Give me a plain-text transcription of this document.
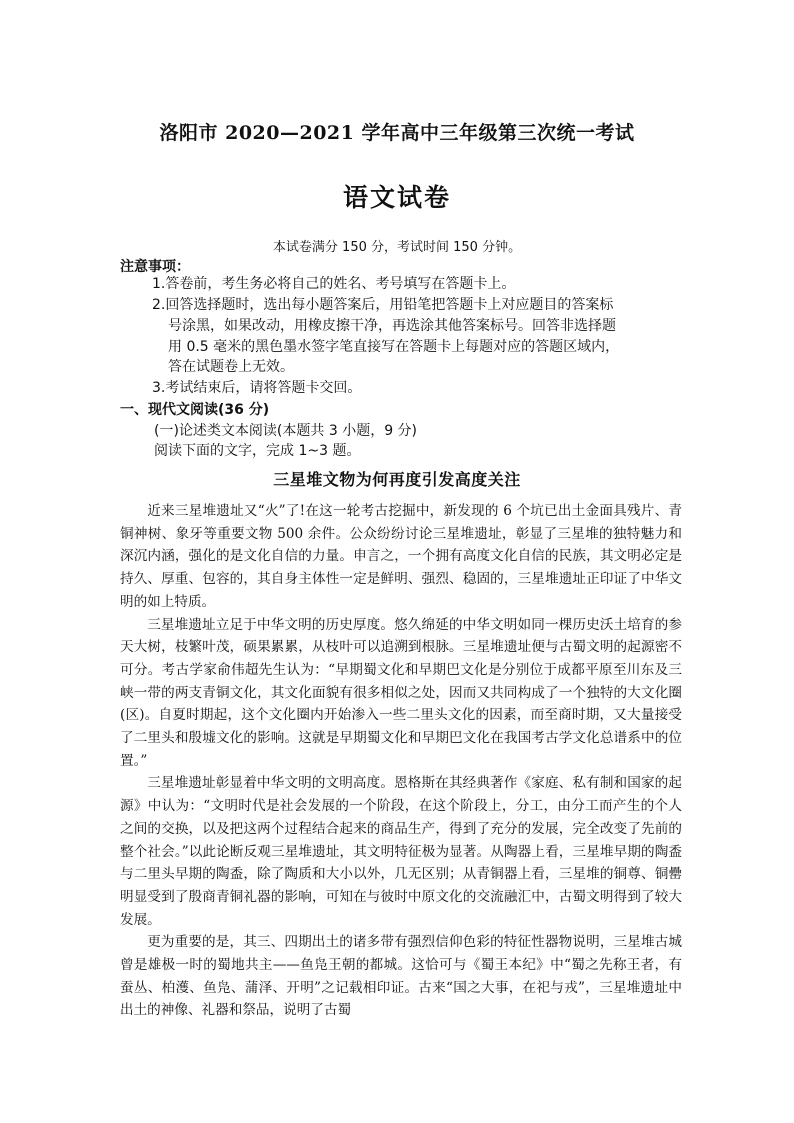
洛阳市 2020—2021 学年高中三年级第三次统一考试
语文试卷
本试卷满分 150 分，考试时间 150 分钟。
注意事项：
1.答卷前，考生务必将自己的姓名、考号填写在答题卡上。
2.回答选择题时，选出每小题答案后，用铅笔把答题卡上对应题目的答案标
号涂黑，如果改动，用橡皮擦干净，再选涂其他答案标号。回答非选择题
用 0.5 毫米的黑色墨水签字笔直接写在答题卡上每题对应的答题区域内，
答在试题卷上无效。
3.考试结束后，请将答题卡交回。
一、现代文阅读(36 分)
(一)论述类文本阅读(本题共 3 小题，9 分)
阅读下面的文字，完成 1~3 题。
三星堆文物为何再度引发高度关注

近来三星堆遗址又“火”了!在这一轮考古挖掘中，新发现的 6 个坑已出土金面具残片、青铜神树、象牙等重要文物 500 余件。公众纷纷讨论三星堆遗址，彰显了三星堆的独特魅力和深沉内涵，强化的是文化自信的力量。申言之，一个拥有高度文化自信的民族，其文明必定是持久、厚重、包容的，其自身主体性一定是鲜明、强烈、稳固的，三星堆遗址正印证了中华文明的如上特质。

三星堆遗址立足于中华文明的历史厚度。悠久绵延的中华文明如同一棵历史沃土培育的参天大树，枝繁叶茂，硕果累累，从枝叶可以追溯到根脉。三星堆遗址便与古蜀文明的起源密不可分。考古学家俞伟超先生认为：“早期蜀文化和早期巴文化是分别位于成都平原至川东及三峡一带的两支青铜文化，其文化面貌有很多相似之处，因而又共同构成了一个独特的大文化圈(区)。自夏时期起，这个文化圈内开始渗入一些二里头文化的因素，而至商时期，又大量接受了二里头和殷墟文化的影响。这就是早期蜀文化和早期巴文化在我国考古学文化总谱系中的位置。”

三星堆遗址彰显着中华文明的文明高度。恩格斯在其经典著作《家庭、私有制和国家的起源》中认为：“文明时代是社会发展的一个阶段，在这个阶段上，分工，由分工而产生的个人之间的交换，以及把这两个过程结合起来的商品生产，得到了充分的发展，完全改变了先前的整个社会。”以此论断反观三星堆遗址，其文明特征极为显著。从陶器上看，三星堆早期的陶盉与二里头早期的陶盉，除了陶质和大小以外，几无区别；从青铜器上看，三星堆的铜尊、铜罍明显受到了殷商青铜礼器的影响，可知在与彼时中原文化的交流融汇中，古蜀文明得到了较大发展。

更为重要的是，其三、四期出土的诸多带有强烈信仰色彩的特征性器物说明，三星堆古城曾是雄极一时的蜀地共主——鱼凫王朝的都城。这恰可与《蜀王本纪》中“蜀之先称王者，有蚕丛、柏濩、鱼凫、蒲泽、开明”之记载相印证。古来“国之大事，在祀与戎”，三星堆遗址中出土的神像、礼器和祭品，说明了古蜀
